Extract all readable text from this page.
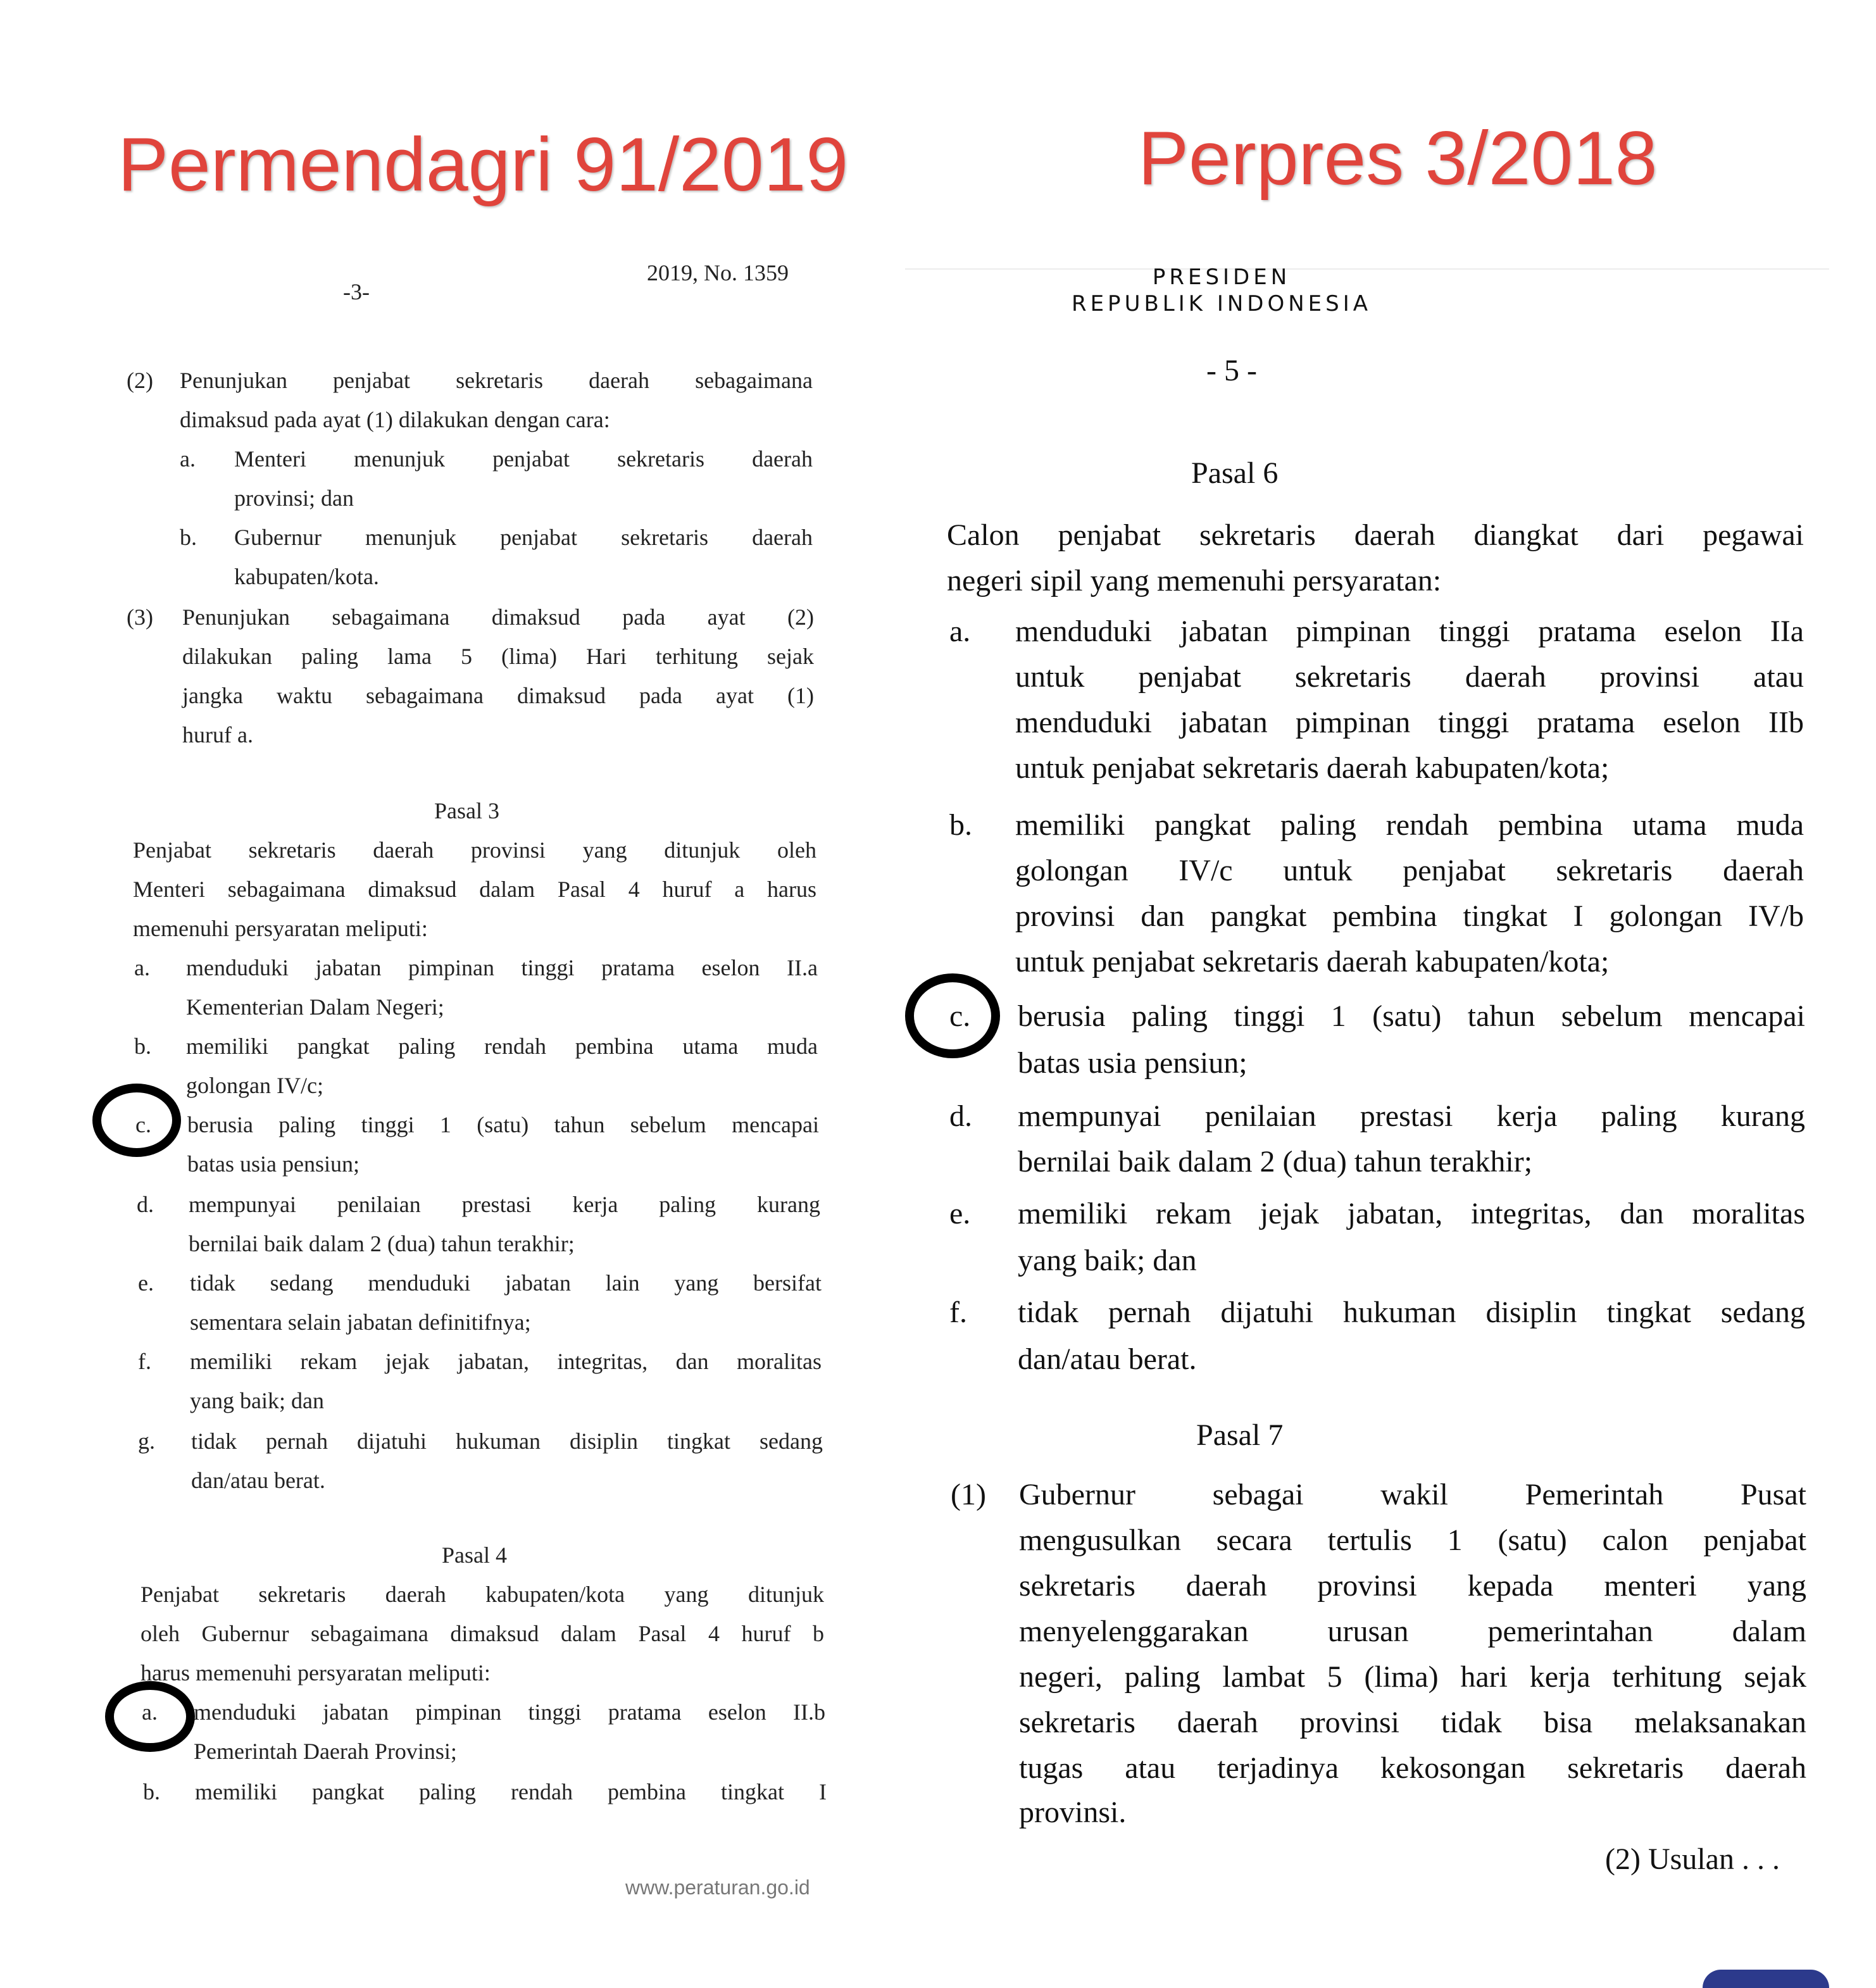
Permendagri 91/2019	Perpres 3/2018
-3-
2019, No. 1359
(2) Penunjukan penjabat sekretaris daerah sebagaimana
dimaksud pada ayat (1) dilakukan dengan cara:
a. Menteri menunjuk penjabat sekretaris daerah
provinsi; dan
b. Gubernur menunjuk penjabat sekretaris daerah
kabupaten/kota.
(3) Penunjukan sebagaimana dimaksud pada ayat (2)
dilakukan paling lama 5 (lima) Hari terhitung sejak
jangka waktu sebagaimana dimaksud pada ayat (1)
huruf a.
Pasal 3
Penjabat sekretaris daerah provinsi yang ditunjuk oleh
Menteri sebagaimana dimaksud dalam Pasal 4 huruf a harus
memenuhi persyaratan meliputi:
a. menduduki jabatan pimpinan tinggi pratama eselon II.a
Kementerian Dalam Negeri;
b. memiliki pangkat paling rendah pembina utama muda
golongan IV/c;
c. berusia paling tinggi 1 (satu) tahun sebelum mencapai
batas usia pensiun;
d. mempunyai penilaian prestasi kerja paling kurang
bernilai baik dalam 2 (dua) tahun terakhir;
e. tidak sedang menduduki jabatan lain yang bersifat
sementara selain jabatan definitifnya;
f. memiliki rekam jejak jabatan, integritas, dan moralitas
yang baik; dan
g. tidak pernah dijatuhi hukuman disiplin tingkat sedang
dan/atau berat.
Pasal 4
Penjabat sekretaris daerah kabupaten/kota yang ditunjuk
oleh Gubernur sebagaimana dimaksud dalam Pasal 4 huruf b
harus memenuhi persyaratan meliputi:
a. menduduki jabatan pimpinan tinggi pratama eselon II.b
Pemerintah Daerah Provinsi;
b. memiliki pangkat paling rendah pembina tingkat I
www.peraturan.go.id
PRESIDEN
REPUBLIK INDONESIA
- 5 -
Pasal 6
Calon penjabat sekretaris daerah diangkat dari pegawai
negeri sipil yang memenuhi persyaratan:
a. menduduki jabatan pimpinan tinggi pratama eselon IIa
untuk penjabat sekretaris daerah provinsi atau
menduduki jabatan pimpinan tinggi pratama eselon IIb
untuk penjabat sekretaris daerah kabupaten/kota;
b. memiliki pangkat paling rendah pembina utama muda
golongan IV/c untuk penjabat sekretaris daerah
provinsi dan pangkat pembina tingkat I golongan IV/b
untuk penjabat sekretaris daerah kabupaten/kota;
c. berusia paling tinggi 1 (satu) tahun sebelum mencapai
batas usia pensiun;
d. mempunyai penilaian prestasi kerja paling kurang
bernilai baik dalam 2 (dua) tahun terakhir;
e. memiliki rekam jejak jabatan, integritas, dan moralitas
yang baik; dan
f. tidak pernah dijatuhi hukuman disiplin tingkat sedang
dan/atau berat.
Pasal 7
(1) Gubernur sebagai wakil Pemerintah Pusat
mengusulkan secara tertulis 1 (satu) calon penjabat
sekretaris daerah provinsi kepada menteri yang
menyelenggarakan urusan pemerintahan dalam
negeri, paling lambat 5 (lima) hari kerja terhitung sejak
sekretaris daerah provinsi tidak bisa melaksanakan
tugas atau terjadinya kekosongan sekretaris daerah
provinsi.
(2) Usulan . . .
